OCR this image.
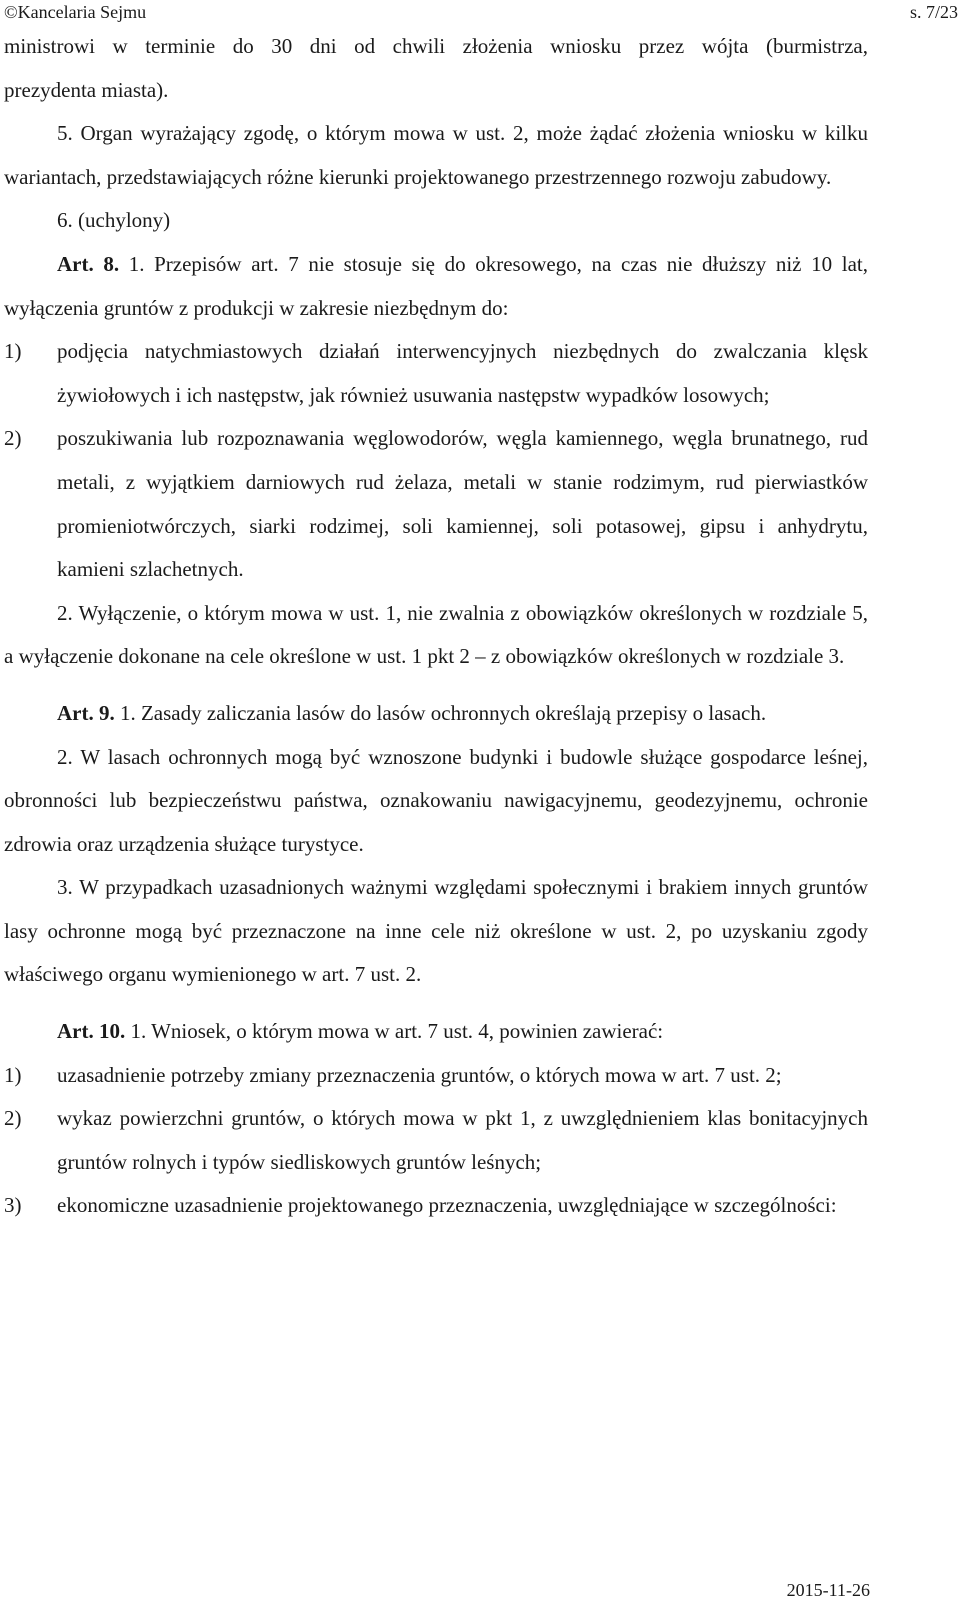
©Kancelaria Sejmu	s. 7/23

ministrowi w terminie do 30 dni od chwili złożenia wniosku przez wójta (burmistrza,

prezydenta miasta).

5. Organ wyrażający zgodę, o którym mowa w ust. 2, może żądać złożenia wniosku w kilku wariantach, przedstawiających różne kierunki projektowanego przestrzennego rozwoju zabudowy.

6. (uchylony)

Art. 8. 1. Przepisów art. 7 nie stosuje się do okresowego, na czas nie dłuższy niż 10 lat, wyłączenia gruntów z produkcji w zakresie niezbędnym do:

1) podjęcia natychmiastowych działań interwencyjnych niezbędnych do zwalczania klęsk żywiołowych i ich następstw, jak również usuwania następstw wypadków losowych;
2) poszukiwania lub rozpoznawania węglowodorów, węgla kamiennego, węgla brunatnego, rud metali, z wyjątkiem darniowych rud żelaza, metali w stanie rodzimym, rud pierwiastków promieniotwórczych, siarki rodzimej, soli kamiennej, soli potasowej, gipsu i anhydrytu, kamieni szlachetnych.

2. Wyłączenie, o którym mowa w ust. 1, nie zwalnia z obowiązków określonych w rozdziale 5, a wyłączenie dokonane na cele określone w ust. 1 pkt 2 – z obowiązków określonych w rozdziale 3.

Art. 9. 1. Zasady zaliczania lasów do lasów ochronnych określają przepisy o lasach.

2. W lasach ochronnych mogą być wznoszone budynki i budowle służące gospodarce leśnej, obronności lub bezpieczeństwu państwa, oznakowaniu nawigacyjnemu, geodezyjnemu, ochronie zdrowia oraz urządzenia służące turystyce.

3. W przypadkach uzasadnionych ważnymi względami społecznymi i brakiem innych gruntów lasy ochronne mogą być przeznaczone na inne cele niż określone w ust. 2, po uzyskaniu zgody właściwego organu wymienionego w art. 7 ust. 2.

Art. 10. 1. Wniosek, o którym mowa w art. 7 ust. 4, powinien zawierać:

1) uzasadnienie potrzeby zmiany przeznaczenia gruntów, o których mowa w art. 7 ust. 2;
2) wykaz powierzchni gruntów, o których mowa w pkt 1, z uwzględnieniem klas bonitacyjnych gruntów rolnych i typów siedliskowych gruntów leśnych;
3) ekonomiczne uzasadnienie projektowanego przeznaczenia, uwzględniające w szczególności:
2015-11-26
